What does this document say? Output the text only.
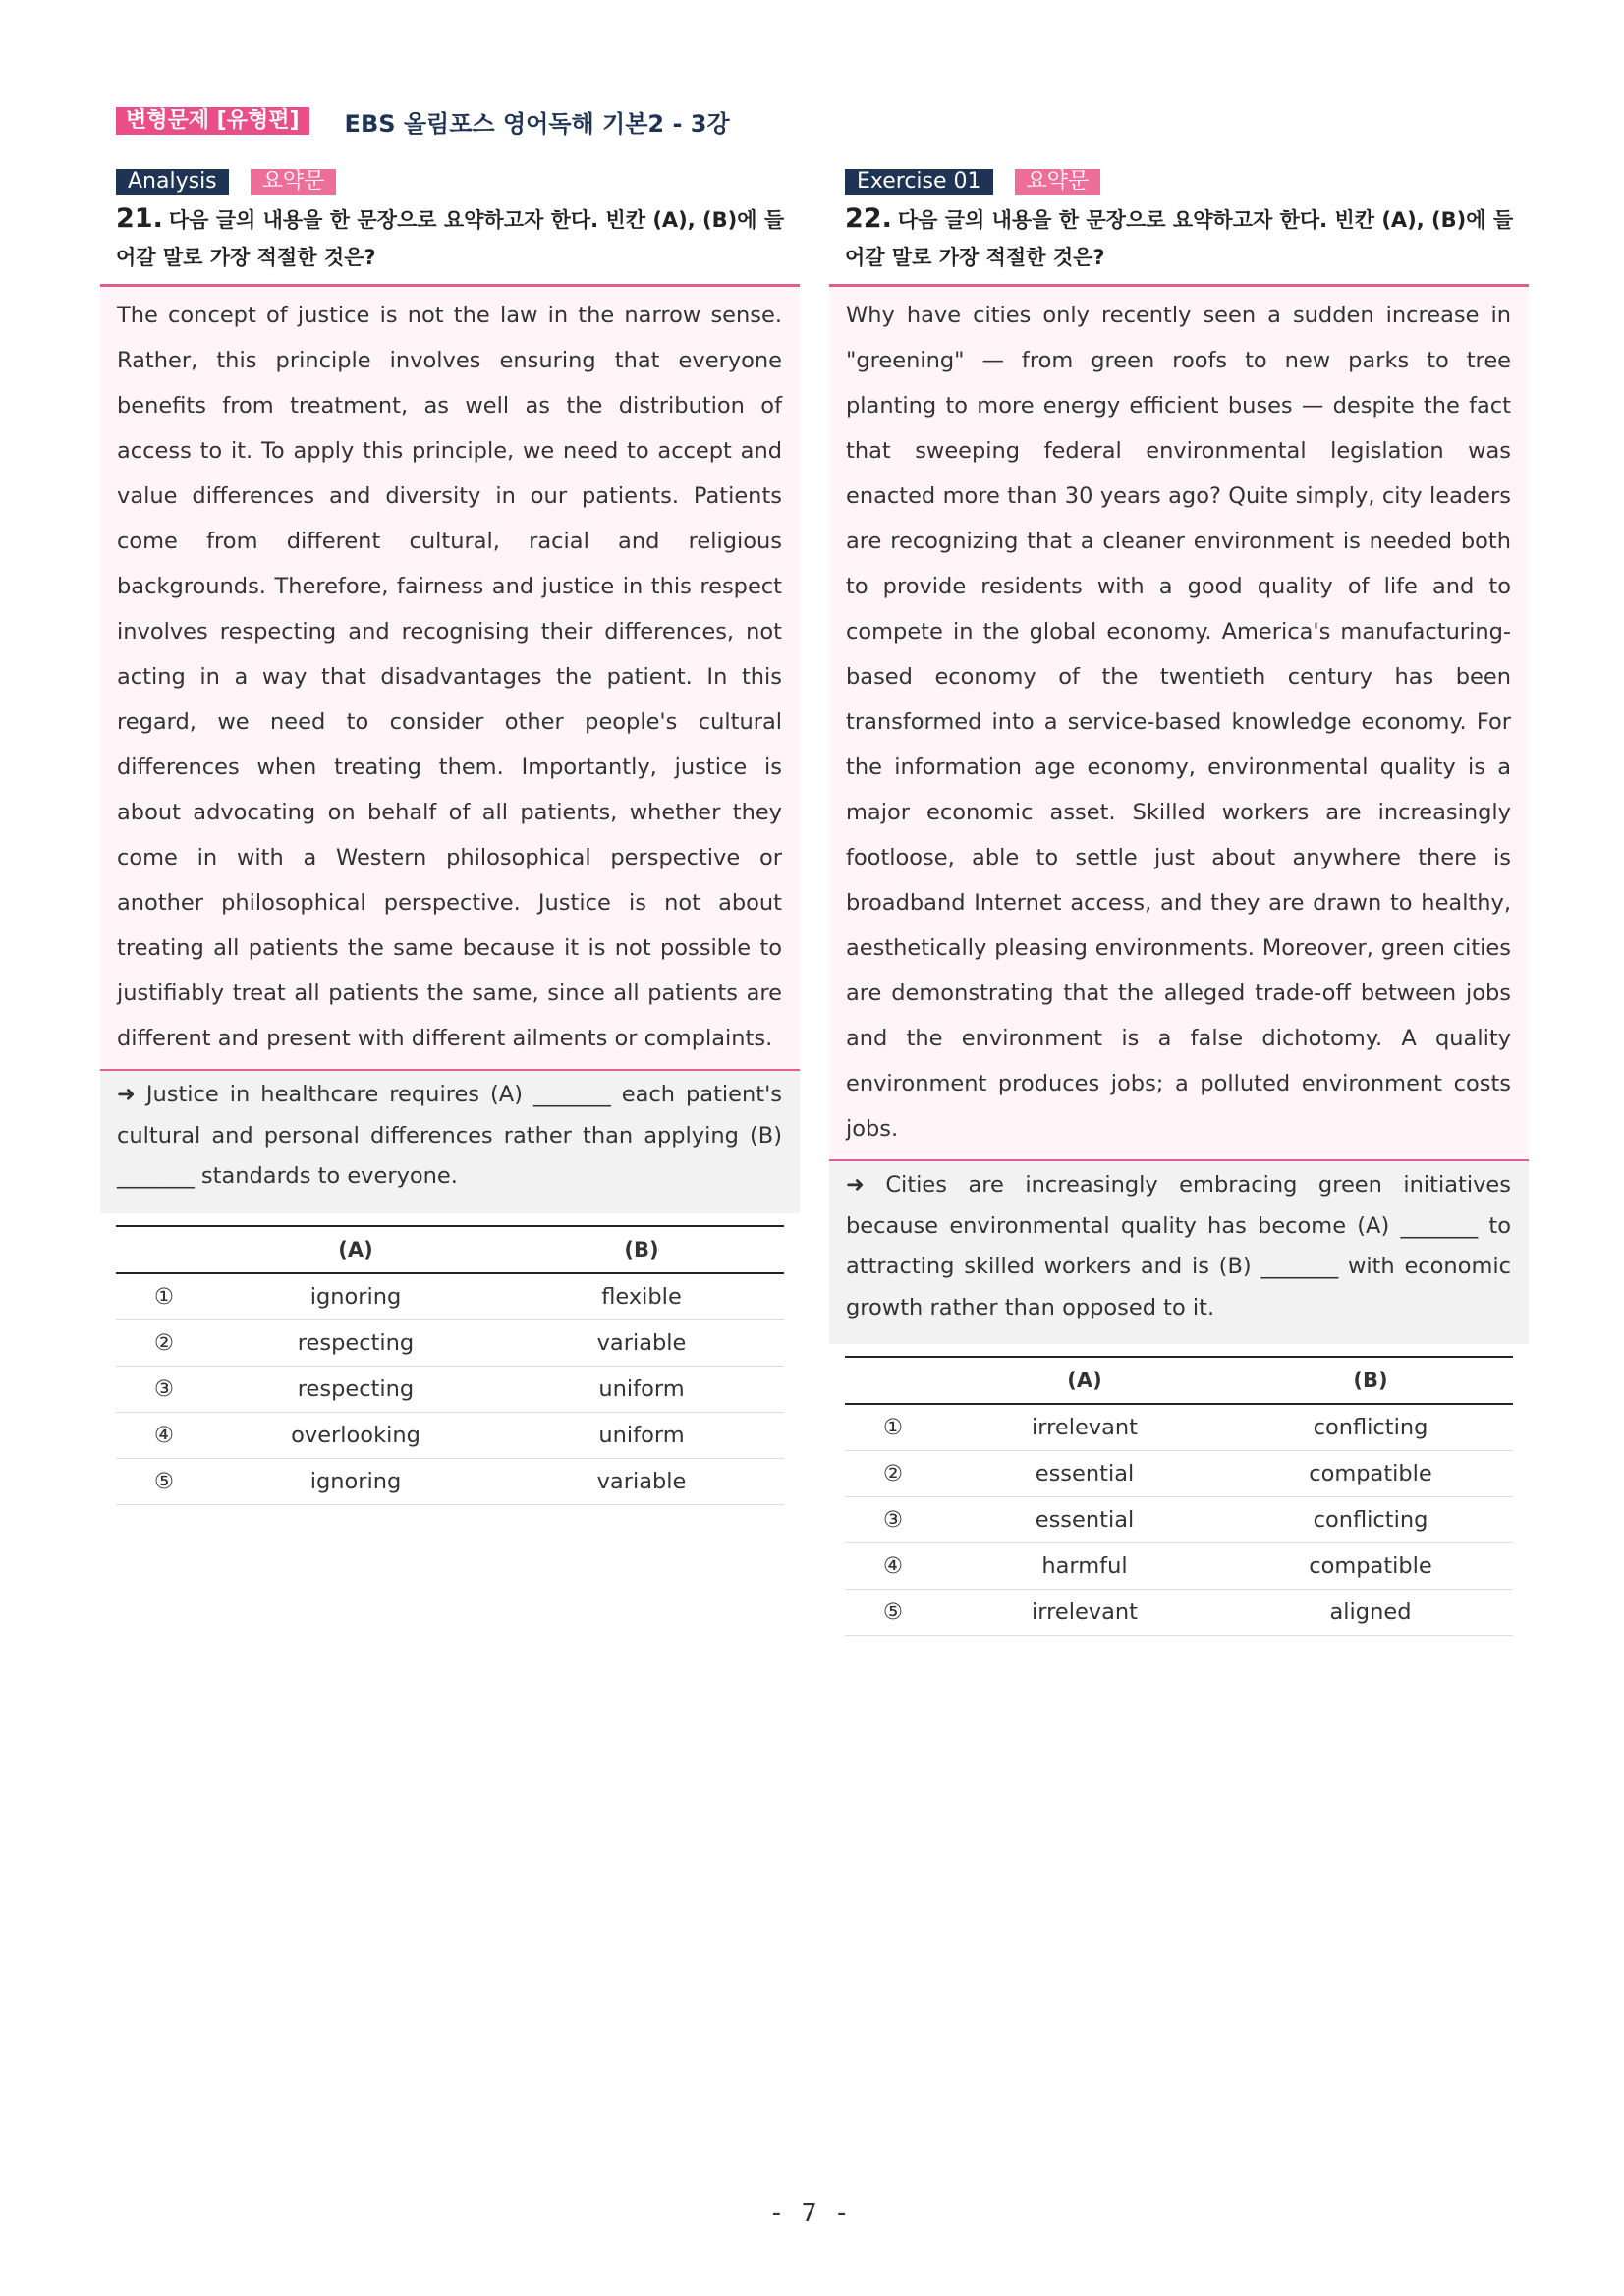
변형문제 [유형편]	EBS 올림포스 영어독해 기본2 - 3강
Analysis	요약문
21. 다음 글의 내용을 한 문장으로 요약하고자 한다. 빈칸 (A), (B)에 들어갈 말로 가장 적절한 것은?
The concept of justice is not the law in the narrow sense. Rather, this principle involves ensuring that everyone benefits from treatment, as well as the distribution of access to it. To apply this principle, we need to accept and value differences and diversity in our patients. Patients come from different cultural, racial and religious backgrounds. Therefore, fairness and justice in this respect involves respecting and recognising their differences, not acting in a way that disadvantages the patient. In this regard, we need to consider other people's cultural differences when treating them. Importantly, justice is about advocating on behalf of all patients, whether they come in with a Western philosophical perspective or another philosophical perspective. Justice is not about treating all patients the same because it is not possible to justifiably treat all patients the same, since all patients are different and present with different ailments or complaints.
➜ Justice in healthcare requires (A) _______ each patient's cultural and personal differences rather than applying (B) _______ standards to everyone.
	(A)	(B)
①	ignoring	flexible
②	respecting	variable
③	respecting	uniform
④	overlooking	uniform
⑤	ignoring	variable
Exercise 01	요약문
22. 다음 글의 내용을 한 문장으로 요약하고자 한다. 빈칸 (A), (B)에 들어갈 말로 가장 적절한 것은?
Why have cities only recently seen a sudden increase in "greening" — from green roofs to new parks to tree planting to more energy efficient buses — despite the fact that sweeping federal environmental legislation was enacted more than 30 years ago? Quite simply, city leaders are recognizing that a cleaner environment is needed both to provide residents with a good quality of life and to compete in the global economy. America's manufacturing-based economy of the twentieth century has been transformed into a service-based knowledge economy. For the information age economy, environmental quality is a major economic asset. Skilled workers are increasingly footloose, able to settle just about anywhere there is broadband Internet access, and they are drawn to healthy, aesthetically pleasing environments. Moreover, green cities are demonstrating that the alleged trade-off between jobs and the environment is a false dichotomy. A quality environment produces jobs; a polluted environment costs jobs.
➜ Cities are increasingly embracing green initiatives because environmental quality has become (A) _______ to attracting skilled workers and is (B) _______ with economic growth rather than opposed to it.
	(A)	(B)
①	irrelevant	conflicting
②	essential	compatible
③	essential	conflicting
④	harmful	compatible
⑤	irrelevant	aligned
- 7 -
